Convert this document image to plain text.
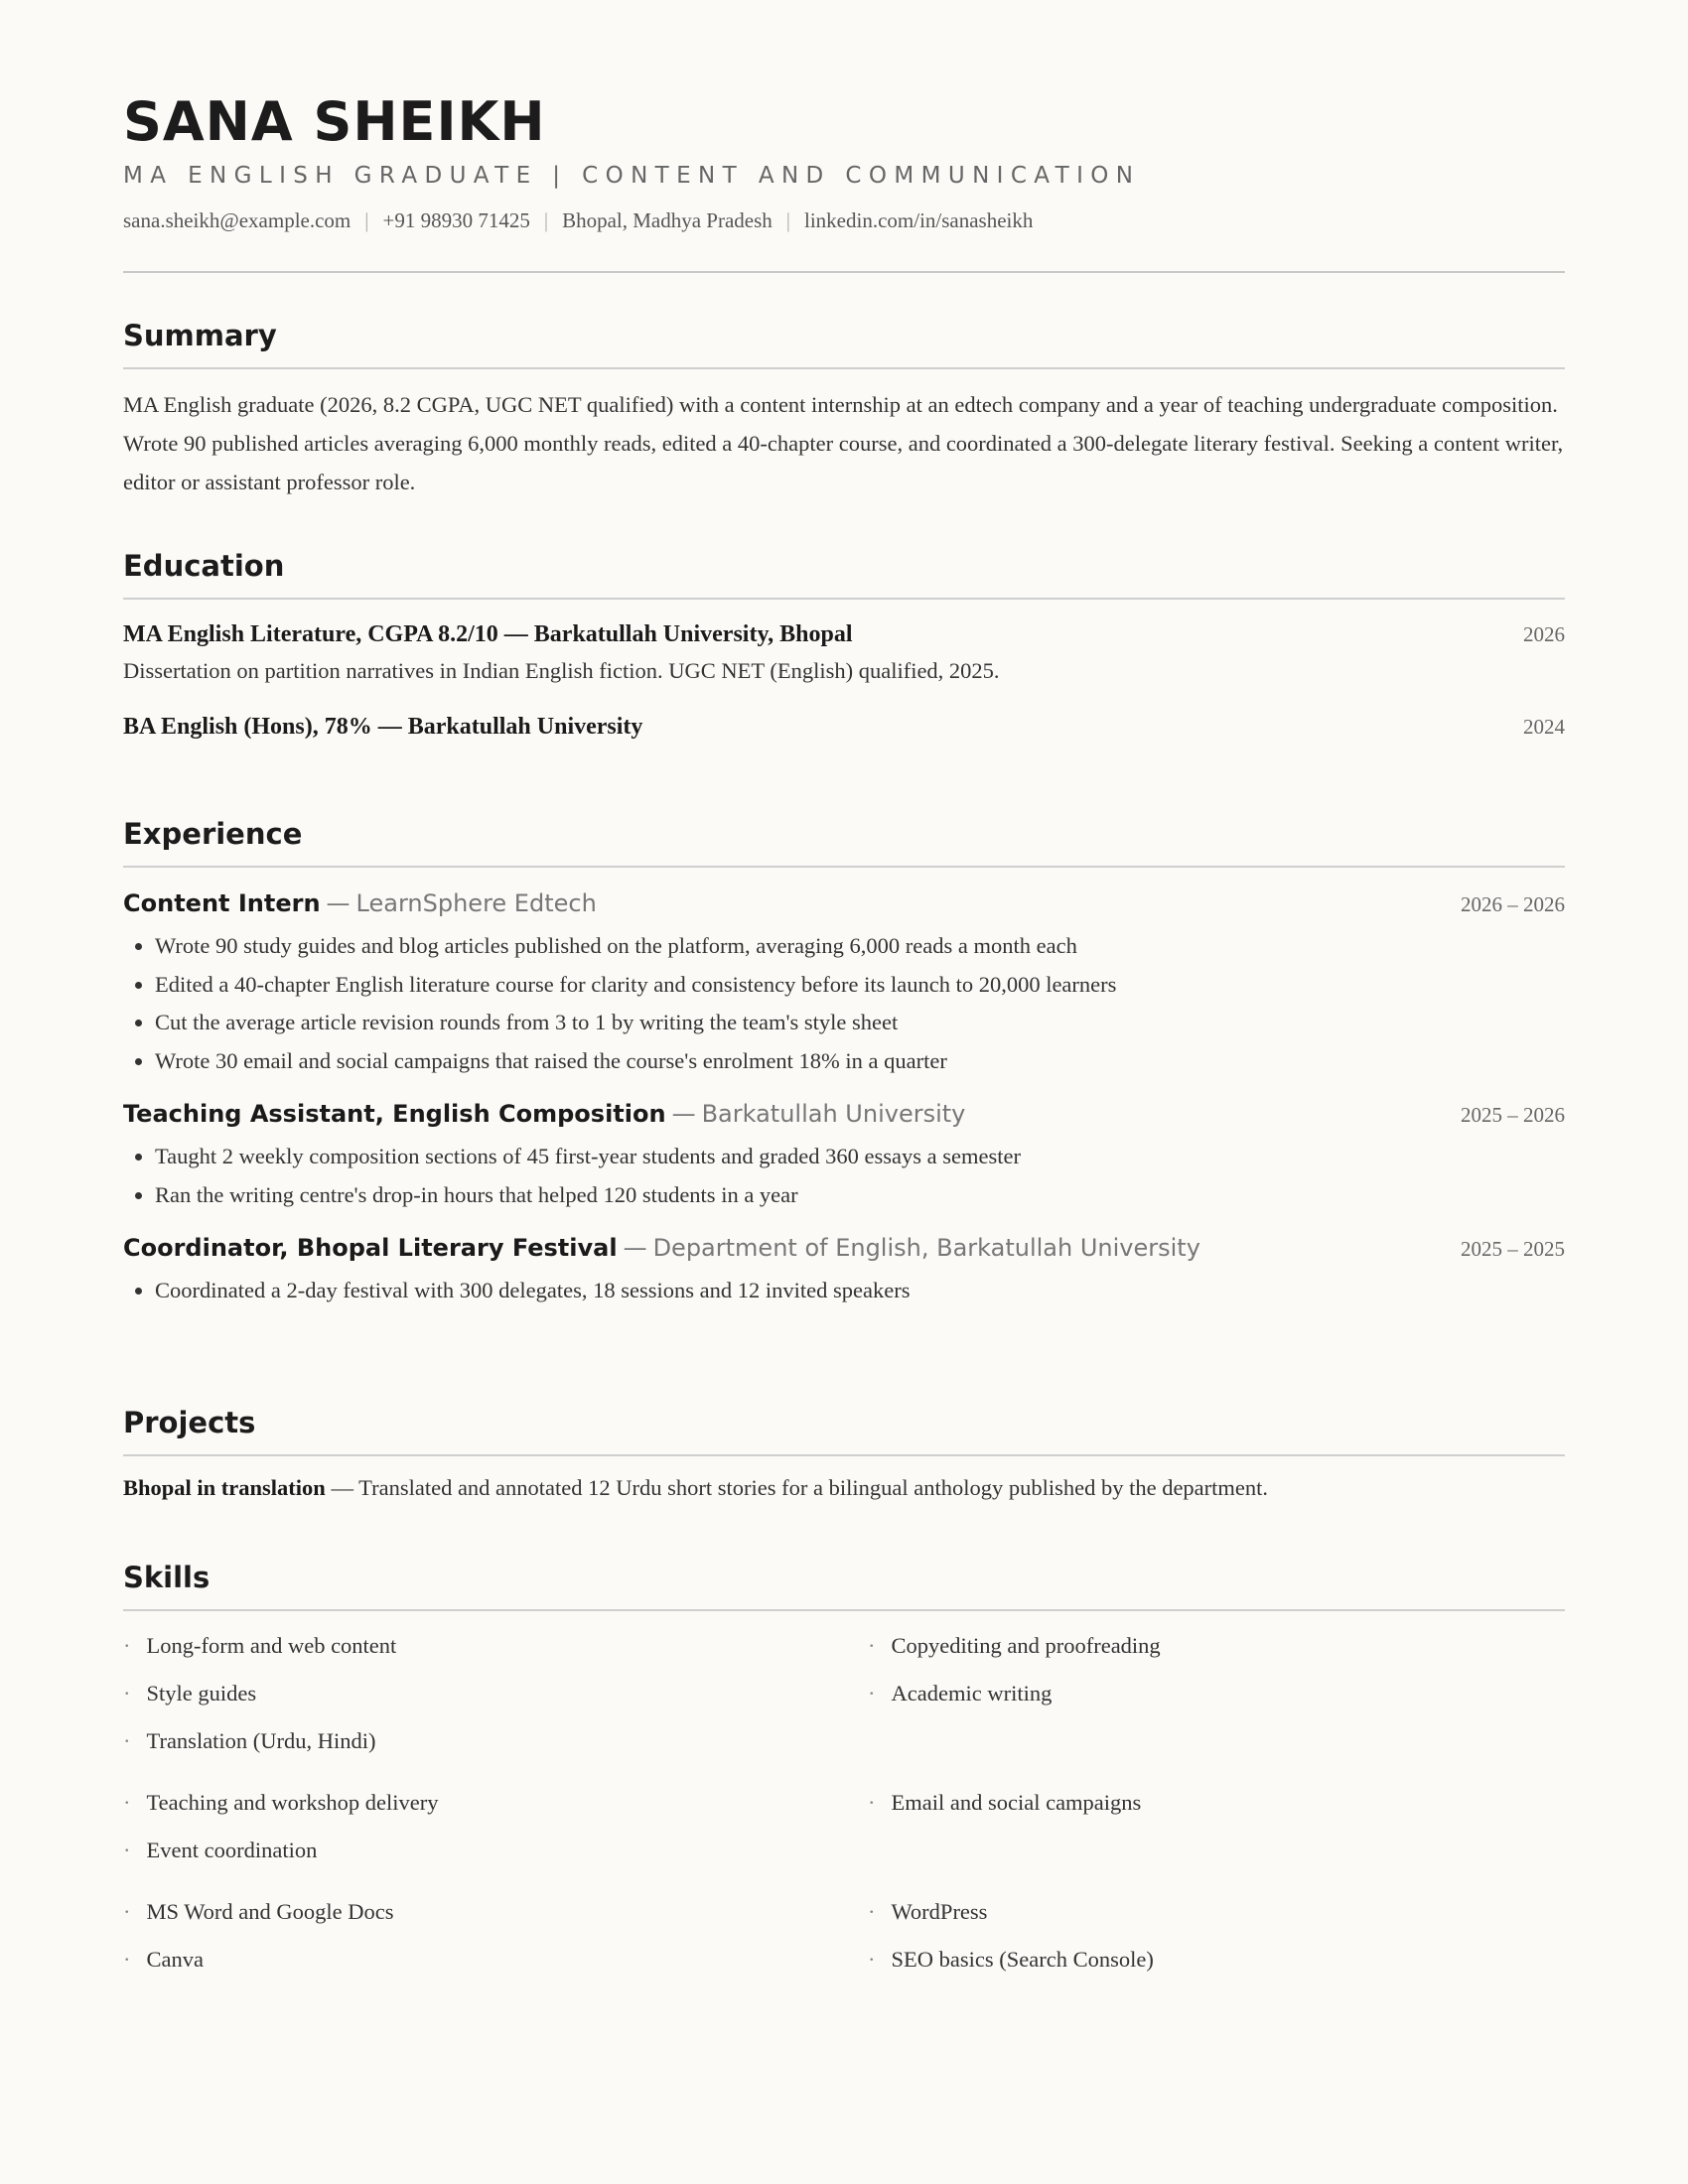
SANA SHEIKH
MA ENGLISH GRADUATE | CONTENT AND COMMUNICATION
sana.sheikh@example.com | +91 98930 71425 | Bhopal, Madhya Pradesh | linkedin.com/in/sanasheikh
Summary
MA English graduate (2026, 8.2 CGPA, UGC NET qualified) with a content internship at an edtech company and a year of teaching undergraduate composition. Wrote 90 published articles averaging 6,000 monthly reads, edited a 40-chapter course, and coordinated a 300-delegate literary festival. Seeking a content writer, editor or assistant professor role.
Education
MA English Literature, CGPA 8.2/10 — Barkatullah University, Bhopal	2026
Dissertation on partition narratives in Indian English fiction. UGC NET (English) qualified, 2025.
BA English (Hons), 78% — Barkatullah University	2024
Experience
Content Intern — LearnSphere Edtech	2026 – 2026
• Wrote 90 study guides and blog articles published on the platform, averaging 6,000 reads a month each
• Edited a 40-chapter English literature course for clarity and consistency before its launch to 20,000 learners
• Cut the average article revision rounds from 3 to 1 by writing the team's style sheet
• Wrote 30 email and social campaigns that raised the course's enrolment 18% in a quarter
Teaching Assistant, English Composition — Barkatullah University	2025 – 2026
• Taught 2 weekly composition sections of 45 first-year students and graded 360 essays a semester
• Ran the writing centre's drop-in hours that helped 120 students in a year
Coordinator, Bhopal Literary Festival — Department of English, Barkatullah University	2025 – 2025
• Coordinated a 2-day festival with 300 delegates, 18 sessions and 12 invited speakers
Projects
Bhopal in translation — Translated and annotated 12 Urdu short stories for a bilingual anthology published by the department.
Skills
· Long-form and web content	· Copyediting and proofreading
· Style guides	· Academic writing
· Translation (Urdu, Hindi)
· Teaching and workshop delivery	· Email and social campaigns
· Event coordination
· MS Word and Google Docs	· WordPress
· Canva	· SEO basics (Search Console)
